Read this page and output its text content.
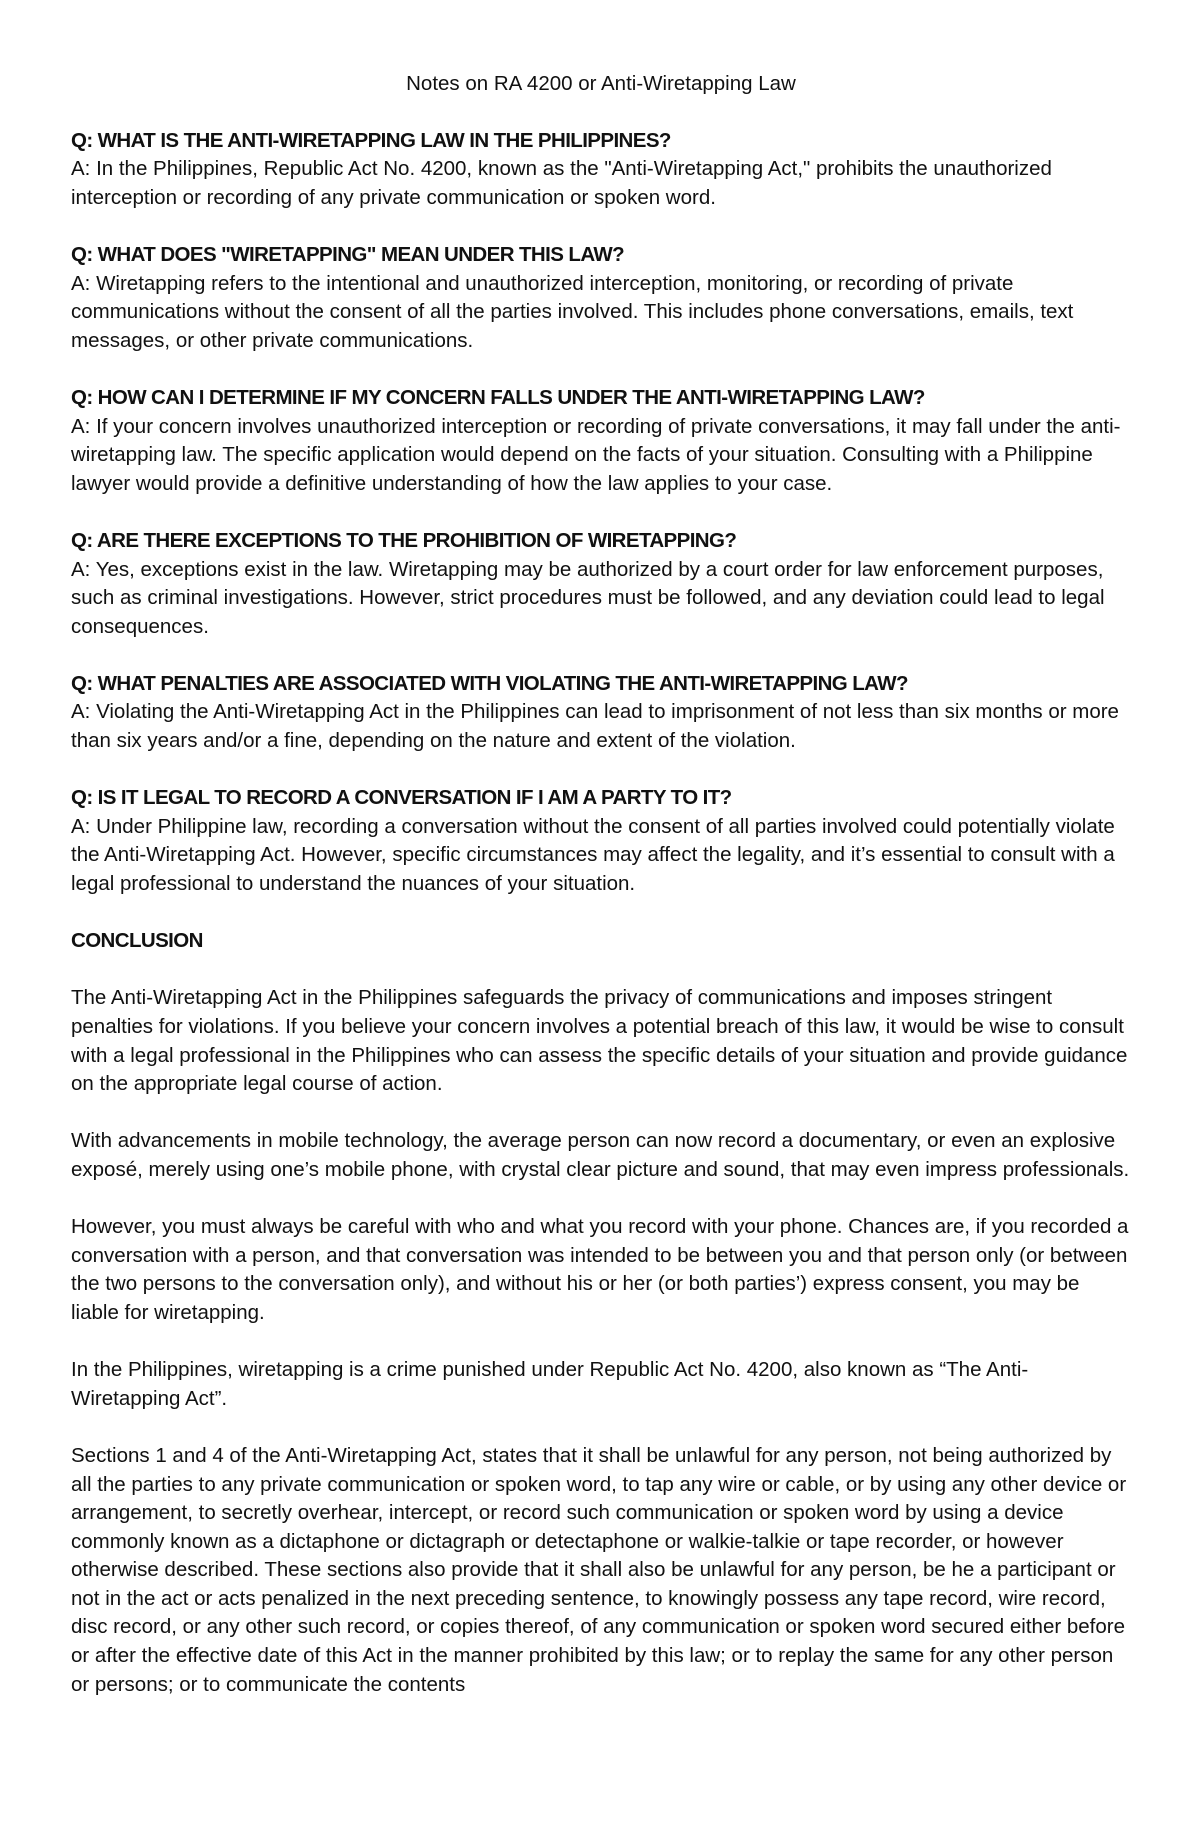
Notes on RA 4200 or Anti-Wiretapping Law

Q: WHAT IS THE ANTI-WIRETAPPING LAW IN THE PHILIPPINES?

A: In the Philippines, Republic Act No. 4200, known as the "Anti-Wiretapping Act," prohibits the unauthorized interception or recording of any private communication or spoken word.

Q: WHAT DOES "WIRETAPPING" MEAN UNDER THIS LAW?

A: Wiretapping refers to the intentional and unauthorized interception, monitoring, or recording of private communications without the consent of all the parties involved. This includes phone conversations, emails, text messages, or other private communications.

Q: HOW CAN I DETERMINE IF MY CONCERN FALLS UNDER THE ANTI-WIRETAPPING LAW?

A: If your concern involves unauthorized interception or recording of private conversations, it may fall under the anti-wiretapping law. The specific application would depend on the facts of your situation. Consulting with a Philippine lawyer would provide a definitive understanding of how the law applies to your case.

Q: ARE THERE EXCEPTIONS TO THE PROHIBITION OF WIRETAPPING?

A: Yes, exceptions exist in the law. Wiretapping may be authorized by a court order for law enforcement purposes, such as criminal investigations. However, strict procedures must be followed, and any deviation could lead to legal consequences.

Q: WHAT PENALTIES ARE ASSOCIATED WITH VIOLATING THE ANTI-WIRETAPPING LAW?

A: Violating the Anti-Wiretapping Act in the Philippines can lead to imprisonment of not less than six months or more than six years and/or a fine, depending on the nature and extent of the violation.

Q: IS IT LEGAL TO RECORD A CONVERSATION IF I AM A PARTY TO IT?

A: Under Philippine law, recording a conversation without the consent of all parties involved could potentially violate the Anti-Wiretapping Act. However, specific circumstances may affect the legality, and it’s essential to consult with a legal professional to understand the nuances of your situation.

CONCLUSION

The Anti-Wiretapping Act in the Philippines safeguards the privacy of communications and imposes stringent penalties for violations. If you believe your concern involves a potential breach of this law, it would be wise to consult with a legal professional in the Philippines who can assess the specific details of your situation and provide guidance on the appropriate legal course of action.

With advancements in mobile technology, the average person can now record a documentary, or even an explosive exposé, merely using one’s mobile phone, with crystal clear picture and sound, that may even impress professionals.

However, you must always be careful with who and what you record with your phone. Chances are, if you recorded a conversation with a person, and that conversation was intended to be between you and that person only (or between the two persons to the conversation only), and without his or her (or both parties’) express consent, you may be liable for wiretapping.

In the Philippines, wiretapping is a crime punished under Republic Act No. 4200, also known as “The Anti-Wiretapping Act”.

Sections 1 and 4 of the Anti-Wiretapping Act, states that it shall be unlawful for any person, not being authorized by all the parties to any private communication or spoken word, to tap any wire or cable, or by using any other device or arrangement, to secretly overhear, intercept, or record such communication or spoken word by using a device commonly known as a dictaphone or dictagraph or detectaphone or walkie-talkie or tape recorder, or however otherwise described. These sections also provide that it shall also be unlawful for any person, be he a participant or not in the act or acts penalized in the next preceding sentence, to knowingly possess any tape record, wire record, disc record, or any other such record, or copies thereof, of any communication or spoken word secured either before or after the effective date of this Act in the manner prohibited by this law; or to replay the same for any other person or persons; or to communicate the contents
